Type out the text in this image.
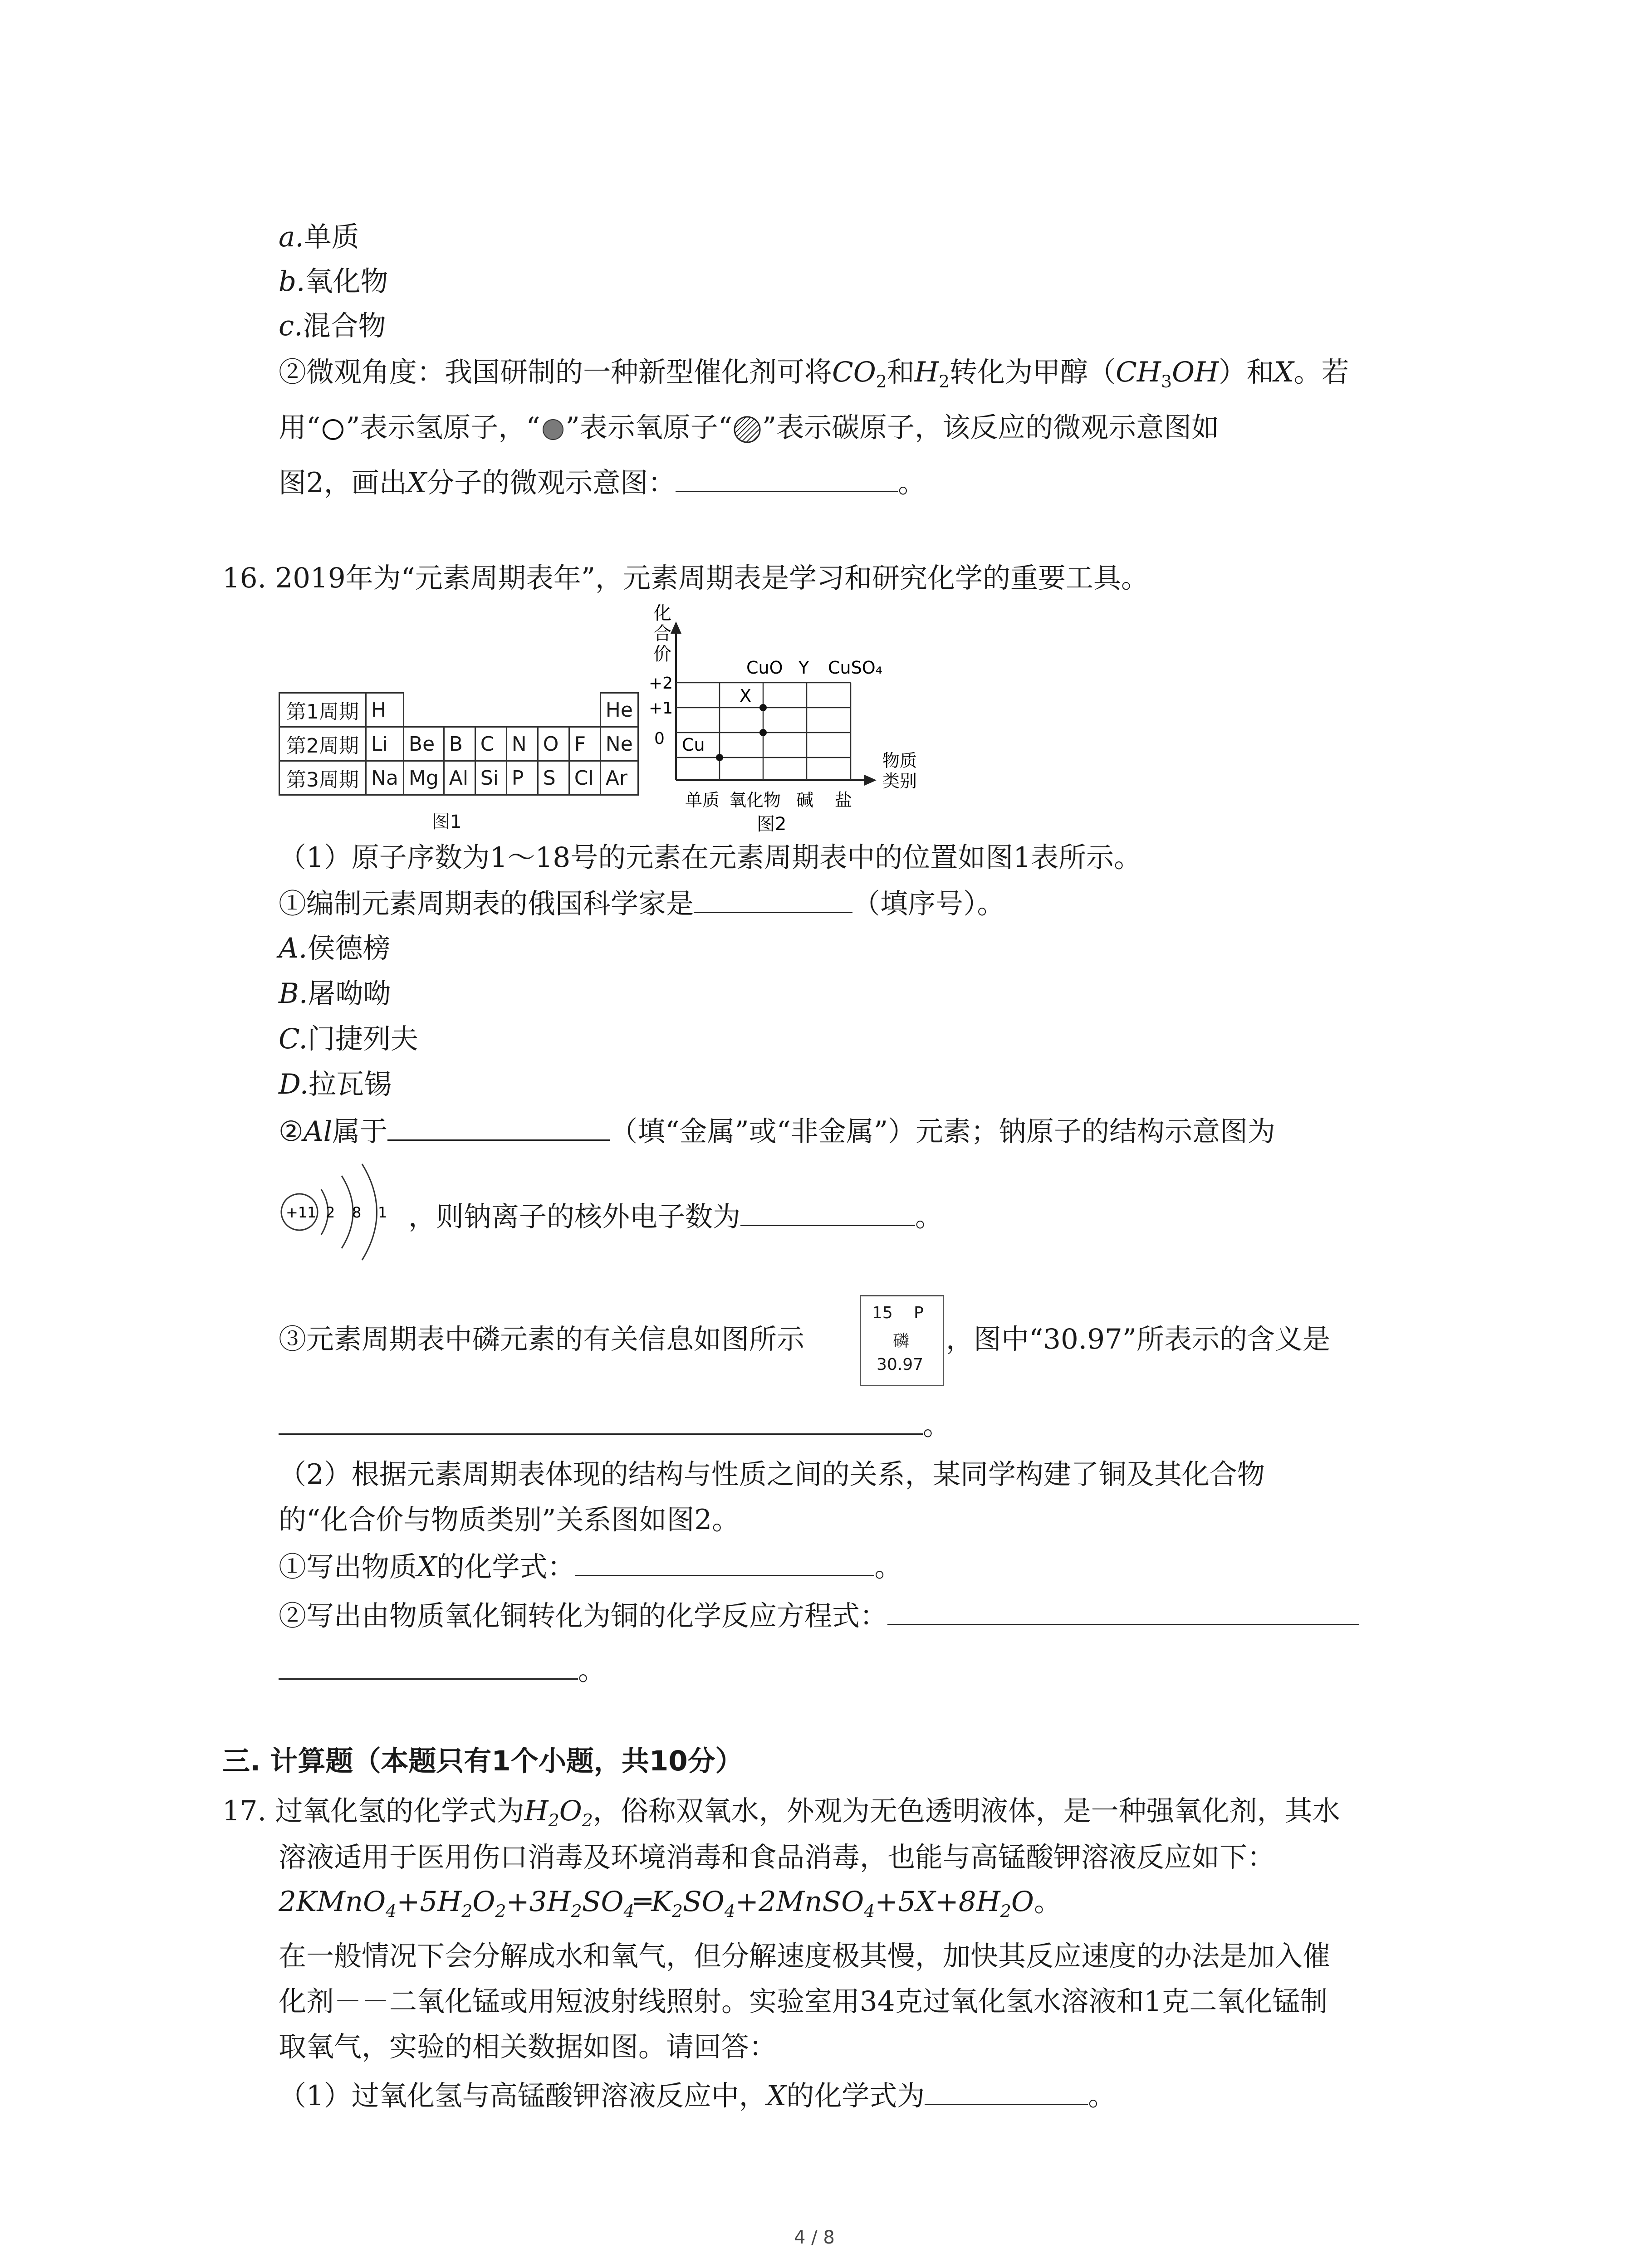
a.单质
b.氧化物
c.混合物
②微观角度：我国研制的一种新型催化剂可将$CO_2$和$H_2$转化为甲醇$(CH_3OH)$和X。若
用“ ”表示氢原子，“ ”表示氧原子“ ”表示碳原子，该反应的微观示意图如
图2，画出X分子的微观示意图：	。
16. 2019年为“元素周期表年”，元素周期表是学习和研究化学的重要工具。
第1周期	H							He
第2周期	Li	Be	B	C	N	O	F	Ne
第3周期	Na	Mg	Al	Si	P	S	Cl	Ar
图1
化
合
价
+2
+1
0
CuO Y CuSO₄
Cu
X
物质
类别
单质 氧化物 碱 盐
图2
（1）原子序数为1～18号的元素在元素周期表中的位置如图1表所示。
①编制元素周期表的俄国科学家是	（填序号）。
A.侯德榜
B.屠呦呦
C.门捷列夫
D.拉瓦锡
②Al属于	（填“金属”或“非金属”）元素；钠原子的结构示意图为
+11 2 8 1 ，则钠离子的核外电子数为	。
③元素周期表中磷元素的有关信息如图所示
15 P
磷
30.97
，图中“30.97”所表示的含义是
。
（2）根据元素周期表体现的结构与性质之间的关系，某同学构建了铜及其化合物
的“化合价与物质类别”关系图如图2。
①写出物质X的化学式：	。
②写出由物质氧化铜转化为铜的化学反应方程式：
。
三. 计算题（本题只有1个小题，共10分）
17. 过氧化氢的化学式为$H_2O_2$，俗称双氧水，外观为无色透明液体，是一种强氧化剂，其水
溶液适用于医用伤口消毒及环境消毒和食品消毒，也能与高锰酸钾溶液反应如下：
$2KMnO_4+5H_2O_2+3H_2SO_4═K_2SO_4+2MnSO_4+5X+8H_2O$。
在一般情况下会分解成水和氧气，但分解速度极其慢，加快其反应速度的办法是加入催
化剂－－二氧化锰或用短波射线照射。实验室用34克过氧化氢水溶液和1克二氧化锰制
取氧气，实验的相关数据如图。请回答：
（1）过氧化氢与高锰酸钾溶液反应中，X的化学式为	。
4 / 8
